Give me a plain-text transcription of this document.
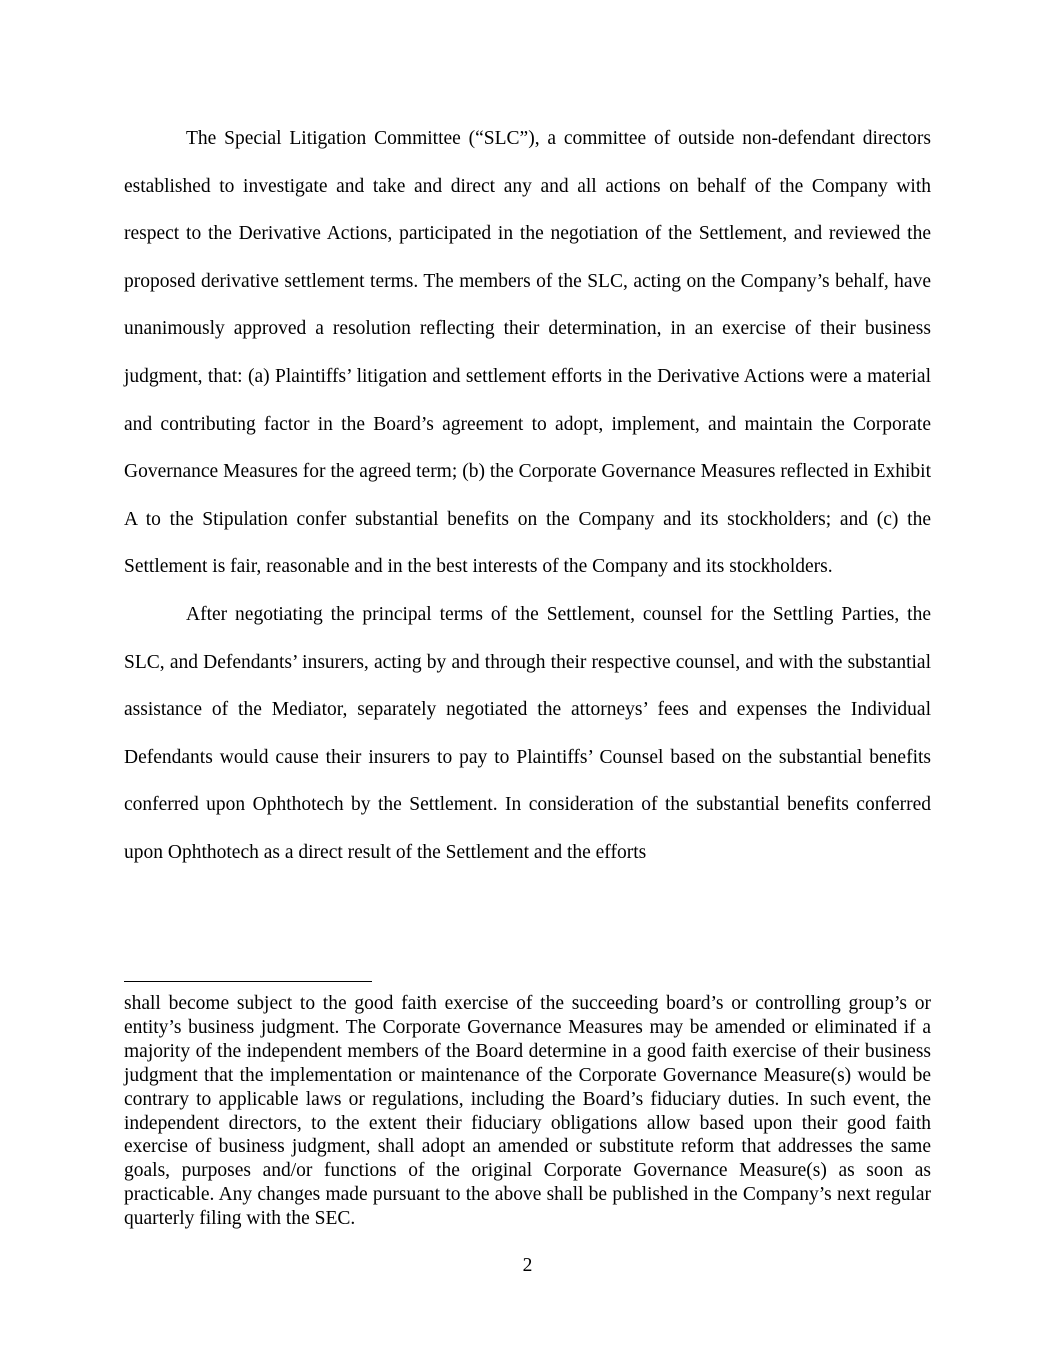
The Special Litigation Committee (“SLC”), a committee of outside non-defendant directors established to investigate and take and direct any and all actions on behalf of the Company with respect to the Derivative Actions, participated in the negotiation of the Settlement, and reviewed the proposed derivative settlement terms. The members of the SLC, acting on the Company’s behalf, have unanimously approved a resolution reflecting their determination, in an exercise of their business judgment, that: (a) Plaintiffs’ litigation and settlement efforts in the Derivative Actions were a material and contributing factor in the Board’s agreement to adopt, implement, and maintain the Corporate Governance Measures for the agreed term; (b) the Corporate Governance Measures reflected in Exhibit A to the Stipulation confer substantial benefits on the Company and its stockholders; and (c) the Settlement is fair, reasonable and in the best interests of the Company and its stockholders.

After negotiating the principal terms of the Settlement, counsel for the Settling Parties, the SLC, and Defendants’ insurers, acting by and through their respective counsel, and with the substantial assistance of the Mediator, separately negotiated the attorneys’ fees and expenses the Individual Defendants would cause their insurers to pay to Plaintiffs’ Counsel based on the substantial benefits conferred upon Ophthotech by the Settlement. In consideration of the substantial benefits conferred upon Ophthotech as a direct result of the Settlement and the efforts

shall become subject to the good faith exercise of the succeeding board’s or controlling group’s or entity’s business judgment. The Corporate Governance Measures may be amended or eliminated if a majority of the independent members of the Board determine in a good faith exercise of their business judgment that the implementation or maintenance of the Corporate Governance Measure(s) would be contrary to applicable laws or regulations, including the Board’s fiduciary duties. In such event, the independent directors, to the extent their fiduciary obligations allow based upon their good faith exercise of business judgment, shall adopt an amended or substitute reform that addresses the same goals, purposes and/or functions of the original Corporate Governance Measure(s) as soon as practicable. Any changes made pursuant to the above shall be published in the Company’s next regular quarterly filing with the SEC.

2
